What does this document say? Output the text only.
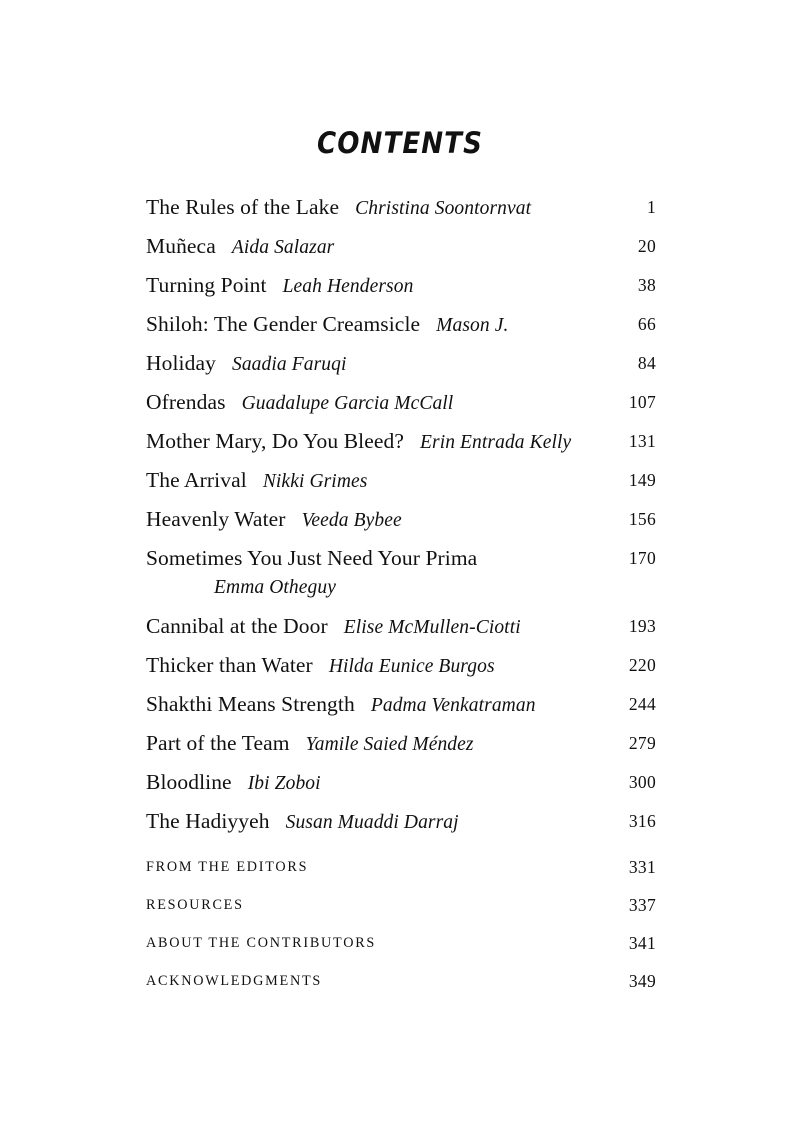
CONTENTS
The Rules of the Lake Christina Soontornvat	1
Muñeca Aida Salazar	20
Turning Point Leah Henderson	38
Shiloh: The Gender Creamsicle Mason J.	66
Holiday Saadia Faruqi	84
Ofrendas Guadalupe Garcia McCall	107
Mother Mary, Do You Bleed? Erin Entrada Kelly	131
The Arrival Nikki Grimes	149
Heavenly Water Veeda Bybee	156
Sometimes You Just Need Your Prima	170
Emma Otheguy
Cannibal at the Door Elise McMullen-Ciotti	193
Thicker than Water Hilda Eunice Burgos	220
Shakthi Means Strength Padma Venkatraman	244
Part of the Team Yamile Saied Méndez	279
Bloodline Ibi Zoboi	300
The Hadiyyeh Susan Muaddi Darraj	316
FROM THE EDITORS	331
RESOURCES	337
ABOUT THE CONTRIBUTORS	341
ACKNOWLEDGMENTS	349
